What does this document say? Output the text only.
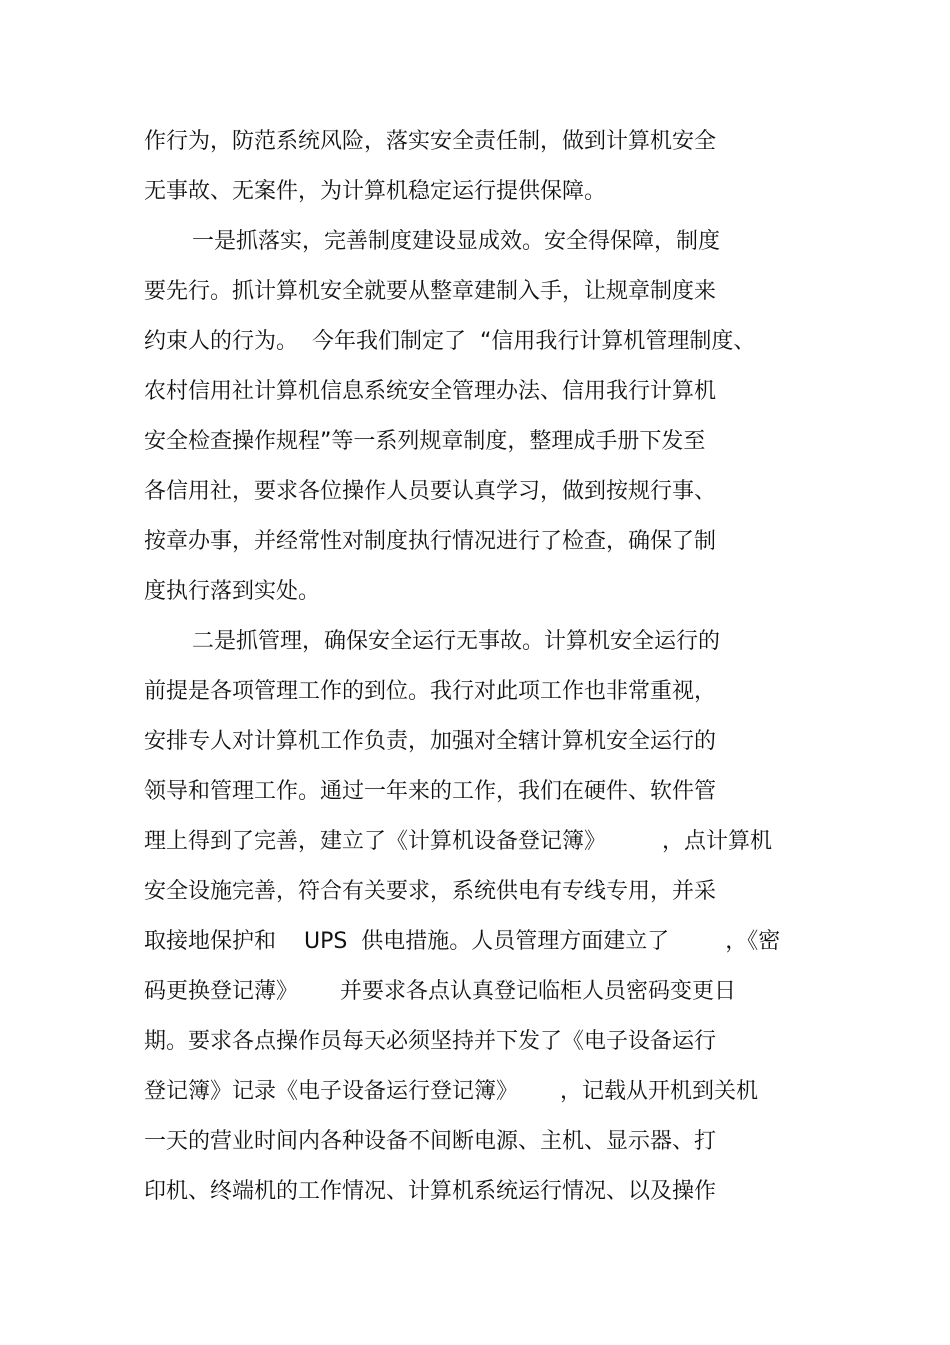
作行为，防范系统风险，落实安全责任制，做到计算机安全

无事故、无案件，为计算机稳定运行提供保障。

一是抓落实，完善制度建设显成效。安全得保障，制度

要先行。抓计算机安全就要从整章建制入手，让规章制度来

约束人的行为。  今年我们制定了  “信用我行计算机管理制度、

农村信用社计算机信息系统安全管理办法、信用我行计算机

安全检查操作规程”等一系列规章制度，整理成手册下发至

各信用社，要求各位操作人员要认真学习，做到按规行事、

按章办事，并经常性对制度执行情况进行了检查，确保了制

度执行落到实处。

二是抓管理，确保安全运行无事故。计算机安全运行的

前提是各项管理工作的到位。我行对此项工作也非常重视，

安排专人对计算机工作负责，加强对全辖计算机安全运行的

领导和管理工作。通过一年来的工作，我们在硬件、软件管

理上得到了完善，建立了《计算机设备登记簿》        ，点计算机

安全设施完善，符合有关要求，系统供电有专线专用，并采

取接地保护和    UPS  供电措施。人员管理方面建立了        ，《密

码更换登记薄》      并要求各点认真登记临柜人员密码变更日

期。要求各点操作员每天必须坚持并下发了《电子设备运行

登记簿》记录《电子设备运行登记簿》      ，记载从开机到关机

一天的营业时间内各种设备不间断电源、主机、显示器、打

印机、终端机的工作情况、计算机系统运行情况、以及操作
